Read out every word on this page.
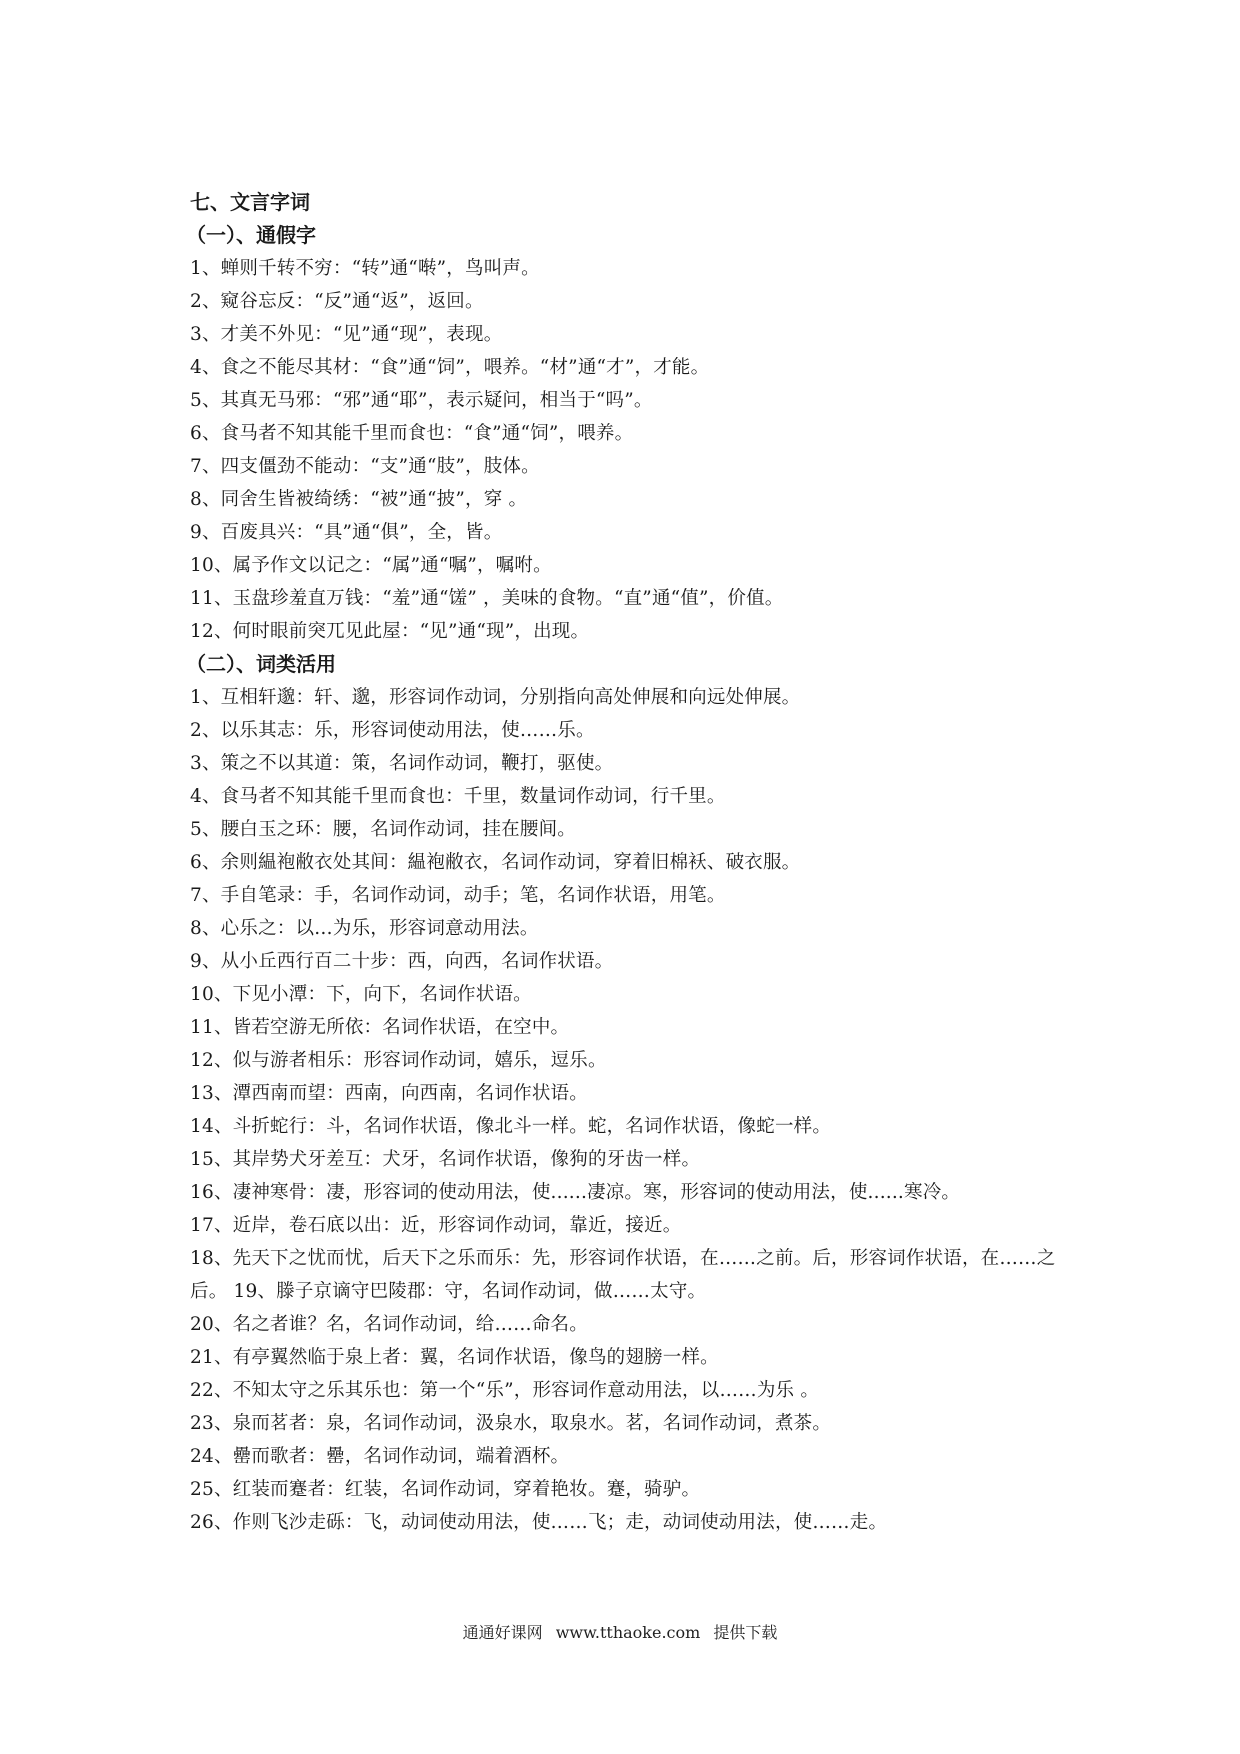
七、文言字词
（一）、通假字
1、蝉则千转不穷：“转”通“啭”，鸟叫声。
2、窥谷忘反：“反”通“返”，返回。
3、才美不外见：“见”通“现”，表现。
4、食之不能尽其材：“食”通“饲”，喂养。“材”通“才”，才能。
5、其真无马邪：“邪”通“耶”，表示疑问，相当于“吗”。
6、食马者不知其能千里而食也：“食”通“饲”，喂养。
7、四支僵劲不能动：“支”通“肢”，肢体。
8、同舍生皆被绮绣：“被”通“披”，穿 。
9、百废具兴：“具”通“俱”，全，皆。
10、属予作文以记之：“属”通“嘱”，嘱咐。
11、玉盘珍羞直万钱：“羞”通“馐” ，美味的食物。“直”通“值”，价值。
12、何时眼前突兀见此屋：“见”通“现”，出现。
（二）、词类活用
1、互相轩邈：轩、邈，形容词作动词，分别指向高处伸展和向远处伸展。
2、以乐其志：乐，形容词使动用法，使……乐。
3、策之不以其道：策，名词作动词，鞭打，驱使。
4、食马者不知其能千里而食也：千里，数量词作动词，行千里。
5、腰白玉之环：腰，名词作动词，挂在腰间。
6、余则緼袍敝衣处其间：緼袍敝衣，名词作动词，穿着旧棉袄、破衣服。
7、手自笔录：手，名词作动词，动手；笔，名词作状语，用笔。
8、心乐之：以…为乐，形容词意动用法。
9、从小丘西行百二十步：西，向西，名词作状语。
10、下见小潭：下，向下，名词作状语。
11、皆若空游无所依：名词作状语，在空中。
12、似与游者相乐：形容词作动词，嬉乐，逗乐。
13、潭西南而望：西南，向西南，名词作状语。
14、斗折蛇行：斗，名词作状语，像北斗一样。蛇，名词作状语，像蛇一样。
15、其岸势犬牙差互：犬牙，名词作状语，像狗的牙齿一样。
16、凄神寒骨：凄，形容词的使动用法，使......凄凉。寒，形容词的使动用法，使......寒冷。
17、近岸，卷石底以出：近，形容词作动词，靠近，接近。
18、先天下之忧而忧，后天下之乐而乐：先，形容词作状语，在……之前。后，形容词作状语，在……之后。 19、滕子京谪守巴陵郡：守，名词作动词，做……太守。
20、名之者谁？名，名词作动词，给……命名。
21、有亭翼然临于泉上者：翼，名词作状语，像鸟的翅膀一样。
22、不知太守之乐其乐也：第一个“乐”，形容词作意动用法，以……为乐 。
23、泉而茗者：泉，名词作动词，汲泉水，取泉水。茗，名词作动词，煮茶。
24、罍而歌者：罍，名词作动词，端着酒杯。
25、红装而蹇者：红装，名词作动词，穿着艳妆。蹇，骑驴。
26、作则飞沙走砾：飞，动词使动用法，使……飞；走，动词使动用法，使……走。
通通好课网 www.tthaoke.com 提供下载
